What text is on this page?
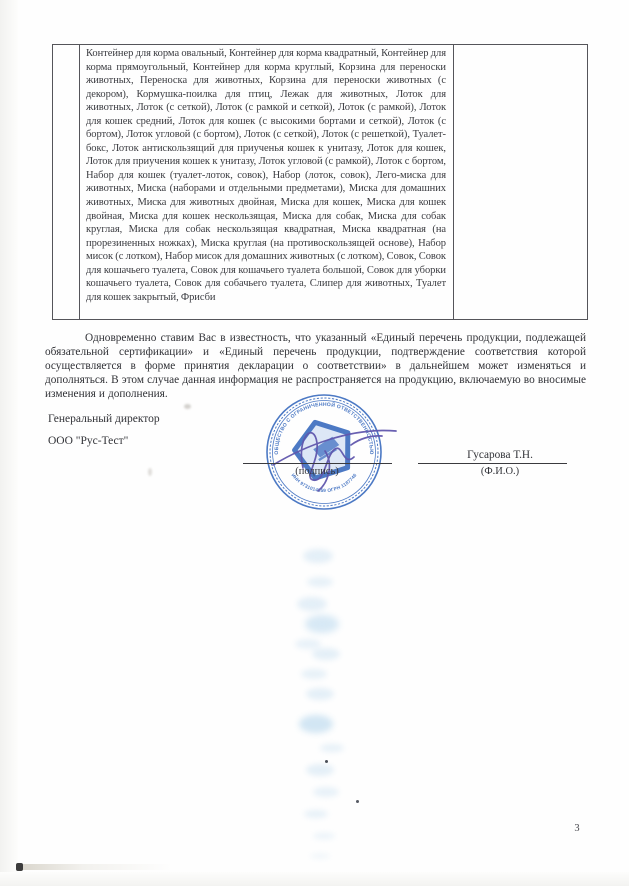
Контейнер для корма овальный, Контейнер для корма квадратный, Контейнер для корма прямоугольный, Контейнер для корма круглый, Корзина для переноски животных, Переноска для животных, Корзина для переноски животных (с декором), Кормушка-поилка для птиц, Лежак для животных, Лоток для животных, Лоток (с сеткой), Лоток (с рамкой и сеткой), Лоток (с рамкой), Лоток для кошек средний, Лоток для кошек (с высокими бортами и сеткой), Лоток (с бортом), Лоток угловой (с бортом), Лоток (с сеткой), Лоток (с решеткой), Туалет-бокс, Лоток антискользящий для приученья кошек к унитазу, Лоток для кошек, Лоток для приучения кошек к унитазу, Лоток угловой (с рамкой), Лоток с бортом, Набор для кошек (туалет-лоток, совок), Набор (лоток, совок), Лего-миска для животных, Миска (наборами и отдельными предметами), Миска для домашних животных, Миска для животных двойная, Миска для кошек, Миска для кошек двойная, Миска для кошек нескользящая, Миска для собак, Миска для собак круглая, Миска для собак нескользящая квадратная, Миска квадратная (на прорезиненных ножках), Миска круглая (на противоскользящей основе), Набор мисок (с лотком), Набор мисок для домашних животных (с лотком), Совок, Совок для кошачьего туалета, Совок для кошачьего туалета большой, Совок для уборки кошачьего туалета, Совок для собачьего туалета, Слипер для животных, Туалет для кошек закрытый, Фрисби
Одновременно ставим Вас в известность, что указанный «Единый перечень продукции, подлежащей обязательной сертификации» и «Единый перечень продукции, подтверждение соответствия которой осуществляется в форме принятия декларации о соответствии» в дальнейшем может изменяться и дополняться. В этом случае данная информация не распространяется на продукцию, включаемую во вносимые изменения и дополнения.
Генеральный директор
ООО "Рус-Тест"
ОБЩЕСТВО С ОГРАНИЧЕННОЙ ОТВЕТСТВЕННОСТЬЮ
ИНН 9731014559 ОГРН 1187746
(подпись)
Гусарова Т.Н.
(Ф.И.О.)
3
